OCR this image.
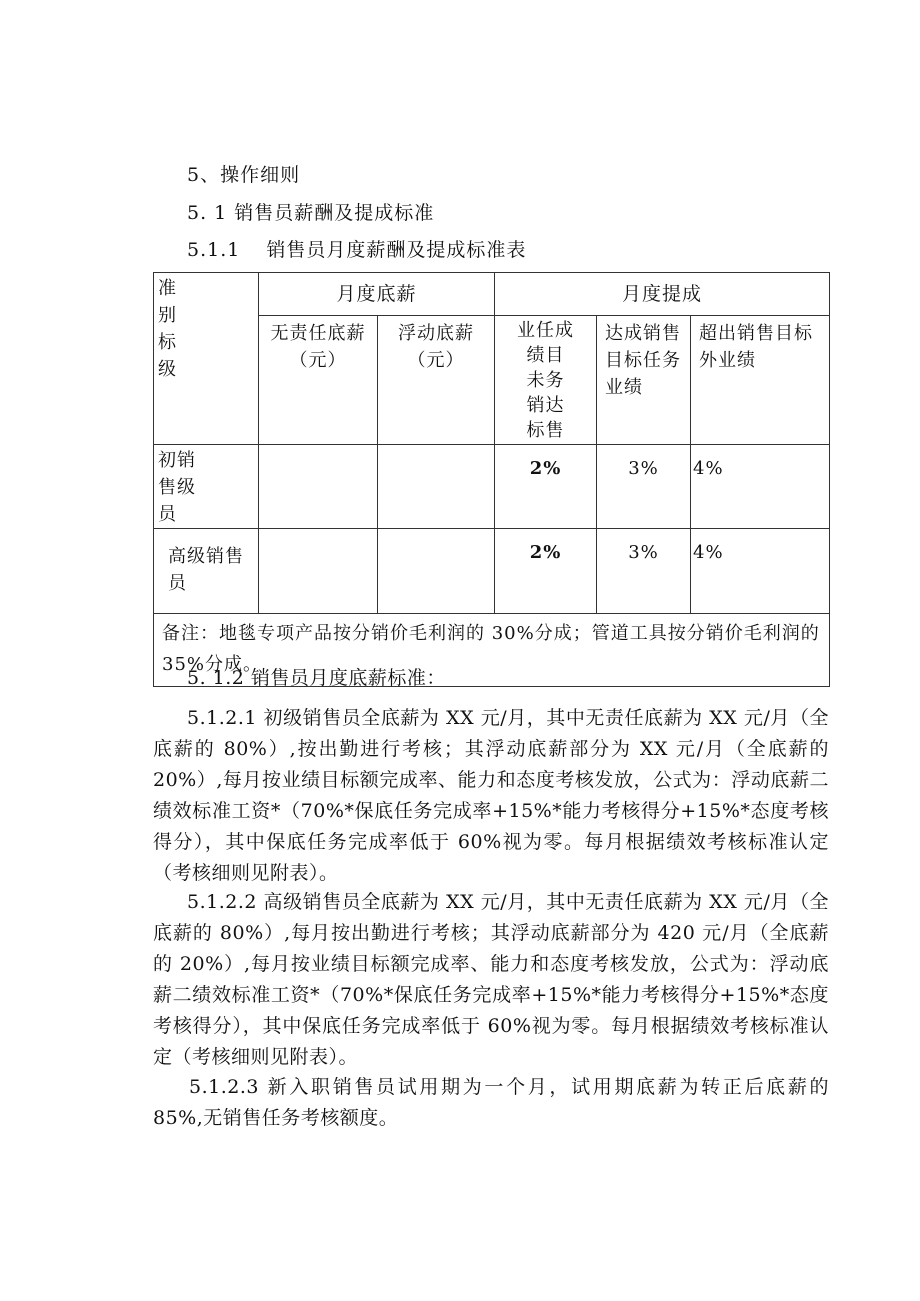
5、操作细则
5. 1 销售员薪酬及提成标准
5.1.1 销售员月度薪酬及提成标准表
准
别
标
级	月度底薪		月度提成		
	无责任底薪（元）	浮动底薪（元）	业任成
绩目
未务
销达
标售	达成销售目标任务业绩	超出销售目标外业绩

初销
售级
员			2%	3%	4%

高级销售员			2%	3%	4%
备注：地毯专项产品按分销价毛利润的 30%分成；管道工具按分销价毛利润的 35%分成。					

5. 1.2 销售员月度底薪标准：

5.1.2.1 初级销售员全底薪为 XX 元/月，其中无责任底薪为 XX 元/月（全底薪的 80%）,按出勤进行考核；其浮动底薪部分为 XX 元/月（全底薪的 20%）,每月按业绩目标额完成率、能力和态度考核发放，公式为：浮动底薪二绩效标准工资*（70%*保底任务完成率+15%*能力考核得分+15%*态度考核得分），其中保底任务完成率低于 60%视为零。每月根据绩效考核标准认定（考核细则见附表）。

5.1.2.2 高级销售员全底薪为 XX 元/月，其中无责任底薪为 XX 元/月（全底薪的 80%）,每月按出勤进行考核；其浮动底薪部分为 420 元/月（全底薪的 20%）,每月按业绩目标额完成率、能力和态度考核发放，公式为：浮动底薪二绩效标准工资*（70%*保底任务完成率+15%*能力考核得分+15%*态度考核得分），其中保底任务完成率低于 60%视为零。每月根据绩效考核标准认定（考核细则见附表）。

5.1.2.3 新入职销售员试用期为一个月，试用期底薪为转正后底薪的 85%,无销售任务考核额度。
